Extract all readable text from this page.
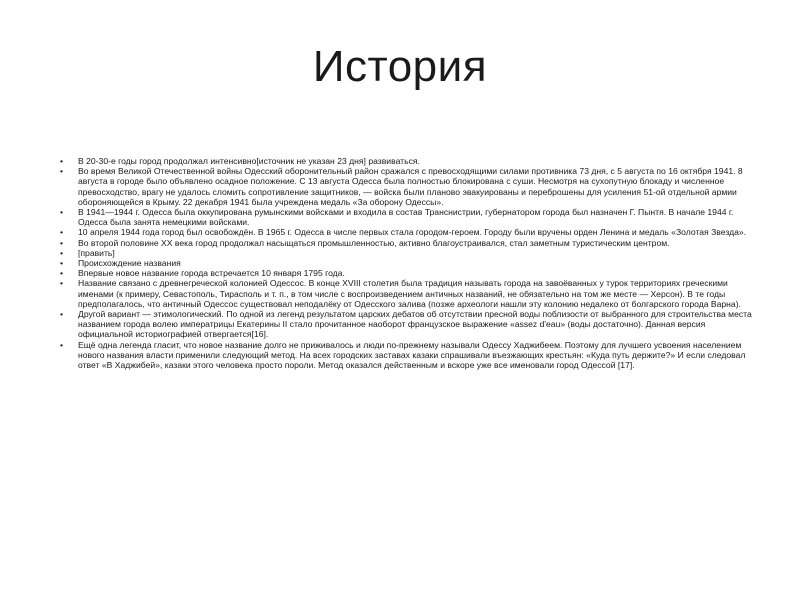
История
•	В 20-30-е годы город продолжал интенсивно[источник не указан 23 дня] развиваться.
•	Во время Великой Отечественной войны Одесский оборонительный район сражался с превосходящими силами противника 73 дня, с 5 августа по 16 октября 1941. 8 августа в городе было объявлено осадное положение. С 13 августа Одесса была полностью блокирована с суши. Несмотря на сухопутную блокаду и численное превосходство, врагу не удалось сломить сопротивление защитников, — войска были планово эвакуированы и переброшены для усиления 51-ой отдельной армии обороняющейся в Крыму. 22 декабря 1941 была учреждена медаль «За оборону Одессы».
•	В 1941—1944 г. Одесса была оккупирована румынскими войсками и входила в состав Транснистрии, губернатором города был назначен Г. Пынтя. В начале 1944 г. Одесса была занята немецкими войсками.
•	10 апреля 1944 года город был освобождён. В 1965 г. Одесса в числе первых стала городом-героем. Городу были вручены орден Ленина и медаль «Золотая Звезда».
•	Во второй половине XX века город продолжал насыщаться промышленностью, активно благоустраивался, стал заметным туристическим центром.
•	[править]
•	Происхождение названия
•	Впервые новое название города встречается 10 января 1795 года.
•	Название связано с древнегреческой колонией Одессос. В конце XVIII столетия была традиция называть города на завоёванных у турок территориях греческими именами (к примеру, Севастополь, Тирасполь и т. п., в том числе с воспроизведением античных названий, не обязательно на том же месте — Херсон). В те годы предполагалось, что античный Одессос существовал неподалёку от Одесского залива (позже археологи нашли эту колонию недалеко от болгарского города Варна).
•	Другой вариант — этимологический. По одной из легенд результатом царских дебатов об отсутствии пресной воды поблизости от выбранного для строительства места названием города волею императрицы Екатерины II стало прочитанное наоборот французское выражение «assez d'eau» (воды достаточно). Данная версия официальной историографией отвергается[16].
•	Ещё одна легенда гласит, что новое название долго не приживалось и люди по-прежнему называли Одессу Хаджибеем. Поэтому для лучшего усвоения населением нового названия власти применили следующий метод. На всех городских заставах казаки спрашивали въезжающих крестьян: «Куда путь держите?» И если следовал ответ «В Хаджибей», казаки этого человека просто пороли. Метод оказался действенным и вскоре уже все именовали город Одессой [17].
